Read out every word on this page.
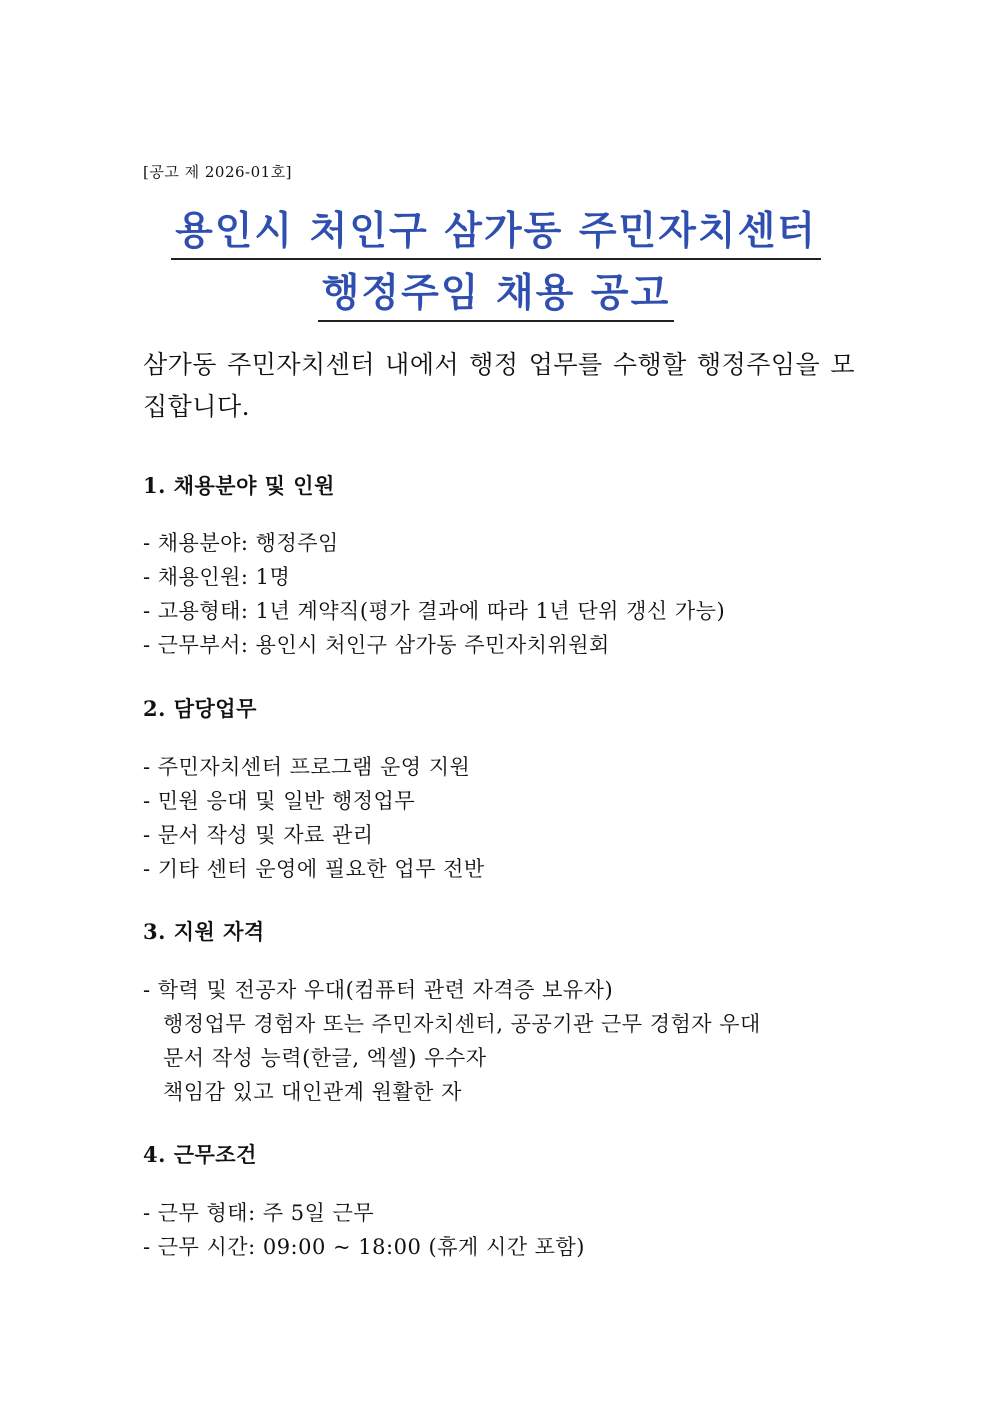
[공고 제 2026-01호]
용인시 처인구 삼가동 주민자치센터
행정주임 채용 공고
삼가동 주민자치센터 내에서 행정 업무를 수행할 행정주임을 모집합니다.
1. 채용분야 및 인원
- 채용분야: 행정주임
- 채용인원: 1명
- 고용형태: 1년 계약직(평가 결과에 따라 1년 단위 갱신 가능)
- 근무부서: 용인시 처인구 삼가동 주민자치위원회
2. 담당업무
- 주민자치센터 프로그램 운영 지원
- 민원 응대 및 일반 행정업무
- 문서 작성 및 자료 관리
- 기타 센터 운영에 필요한 업무 전반
3. 지원 자격
- 학력 및 전공자 우대(컴퓨터 관련 자격증 보유자)
행정업무 경험자 또는 주민자치센터, 공공기관 근무 경험자 우대
문서 작성 능력(한글, 엑셀) 우수자
책임감 있고 대인관계 원활한 자
4. 근무조건
- 근무 형태: 주 5일 근무
- 근무 시간: 09:00 ~ 18:00 (휴게 시간 포함)
